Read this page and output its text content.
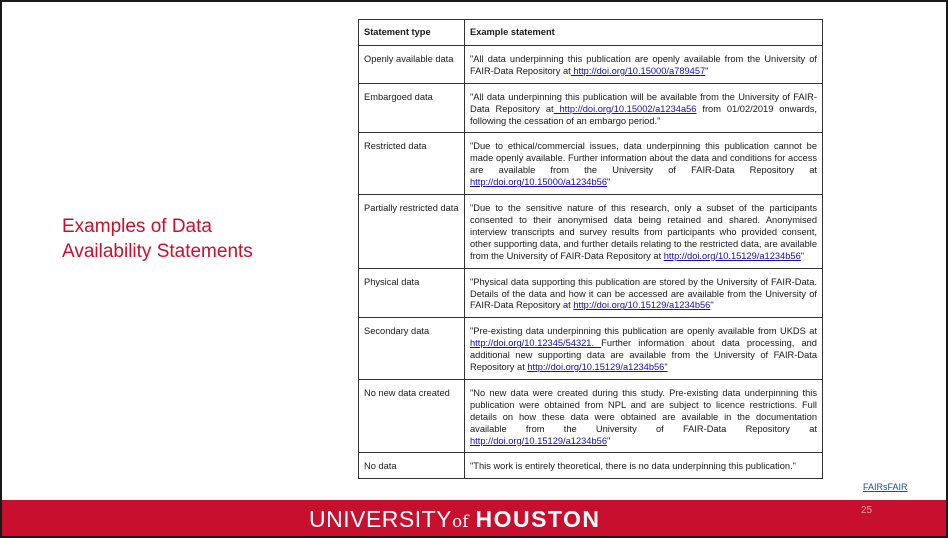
Examples of Data
Availability Statements
Statement type	Example statement
Openly available data	"All data underpinning this publication are openly available from the University of FAIR-Data Repository at http://doi.org/10.15000/a789457"
Embargoed data	"All data underpinning this publication will be available from the University of FAIR-Data Repository at http://doi.org/10.15002/a1234a56 from 01/02/2019 onwards, following the cessation of an embargo period."
Restricted data	"Due to ethical/commercial issues, data underpinning this publication cannot be made openly available. Further information about the data and conditions for access are available from the University of FAIR-Data Repository at http://doi.org/10.15000/a1234b56"
Partially restricted data	"Due to the sensitive nature of this research, only a subset of the participants consented to their anonymised data being retained and shared. Anonymised interview transcripts and survey results from participants who provided consent, other supporting data, and further details relating to the restricted data, are available from the University of FAIR-Data Repository at http://doi.org/10.15129/a1234b56"
Physical data	"Physical data supporting this publication are stored by the University of FAIR-Data. Details of the data and how it can be accessed are available from the University of FAIR-Data Repository at http://doi.org/10.15129/a1234b56"
Secondary data	"Pre-existing data underpinning this publication are openly available from UKDS at http://doi.org/10.12345/54321. Further information about data processing, and additional new supporting data are available from the University of FAIR-Data Repository at http://doi.org/10.15129/a1234b56"
No new data created	"No new data were created during this study. Pre-existing data underpinning this publication were obtained from NPL and are subject to licence restrictions. Full details on how these data were obtained are available in the documentation available from the University of FAIR-Data Repository at http://doi.org/10.15129/a1234b56"
No data	"This work is entirely theoretical, there is no data underpinning this publication."
FAIRsFAIR
UNIVERSITYof HOUSTON	25
